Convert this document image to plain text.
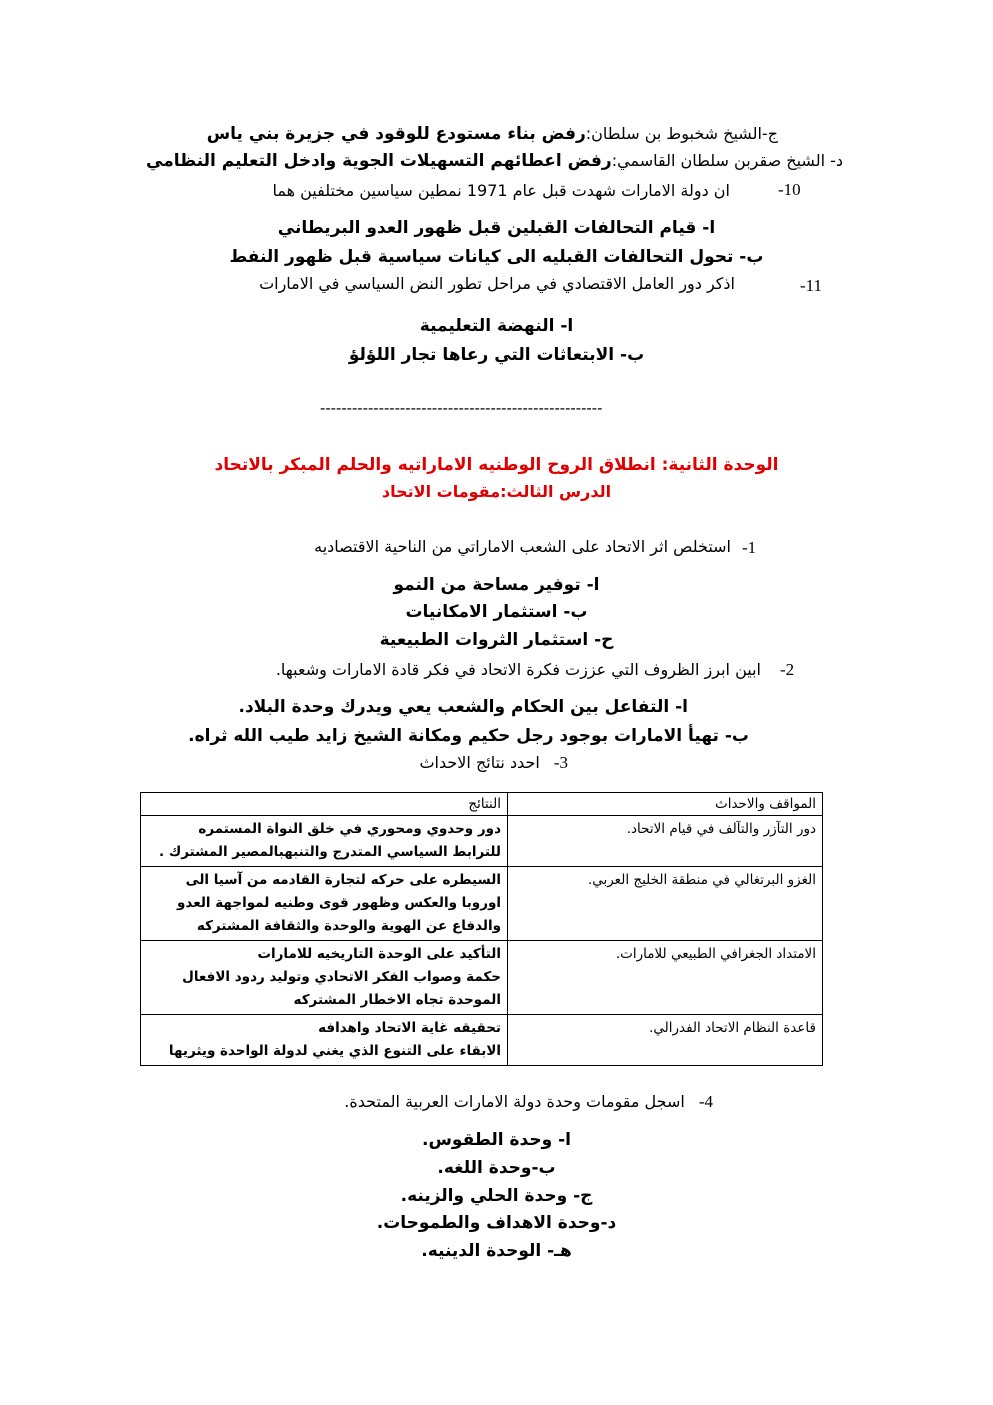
ج-الشيخ شخبوط بن سلطان:رفض بناء مستودع للوقود في جزيرة بني ياس
د- الشيخ صقربن سلطان القاسمي:رفض اعطائهم التسهيلات الجوية وادخل التعليم النظامي
-10
ان دولة الامارات شهدت قبل عام 1971 نمطين سياسين مختلفين هما
ا- قيام التحالفات القبلين قبل ظهور العدو البريطاني
ب- تحول التحالفات القبليه الى كيانات سياسية قبل ظهور النفط
-11
اذكر دور العامل الاقتصادي في مراحل تطور النض السياسي في الامارات
ا- النهضة التعليمية
ب- الابتعاثات التي رعاها تجار اللؤلؤ
-----------------------------------------------------
الوحدة الثانية: انطلاق الروح الوطنيه الاماراتيه والحلم المبكر بالاتحاد
الدرس الثالث:مقومات الاتحاد
1-
استخلص اثر الاتحاد على الشعب الاماراتي من الناحية الاقتصاديه
ا- توفير مساحة من النمو
ب- استثمار الامكانيات
ح- استثمار الثروات الطبيعية
2-
ابين ابرز الظروف التي عززت فكرة الاتحاد في فكر قادة الامارات وشعبها.
ا- التفاعل بين الحكام والشعب يعي ويدرك وحدة البلاد.
ب- تهيأ الامارات بوجود رجل حكيم ومكانة الشيخ زايد طيب الله ثراه.
3-احدد نتائج الاحداث
المواقف والاحداث	النتائج
دور التآزر والتآلف في قيام الاتحاد.	دور وحدوي ومحوري في خلق النواة المستمره
للترابط السياسي المتدرج والتنبهبالمصير المشترك .

الغزو البرتغالي في منطقة الخليج العربي.	السيطره على حركه لتجارة القادمه من آسيا الى
اوروبا والعكس وظهور قوى وطنيه لمواجهة العدو
والدفاع عن الهوية والوحدة والثقافة المشتركه

الامتداد الجغرافي الطبيعي للامارات.	التأكيد على الوحدة التاريخيه للامارات
حكمة وصواب الفكر الاتحادي وتوليد ردود الافعال
الموحدة تجاه الاخطار المشتركه

قاعدة النظام الاتحاد الفدرالي.	تحقيقه غاية الاتحاد واهدافه
الابقاء على التنوع الذي يغني لدولة الواحدة ويثريها
4-اسجل مقومات وحدة دولة الامارات العربية المتحدة.
ا- وحدة الطقوس.
ب-وحدة اللغه.
ج- وحدة الحلي والزينه.
د-وحدة الاهداف والطموحات.
هـ- الوحدة الدينيه.
